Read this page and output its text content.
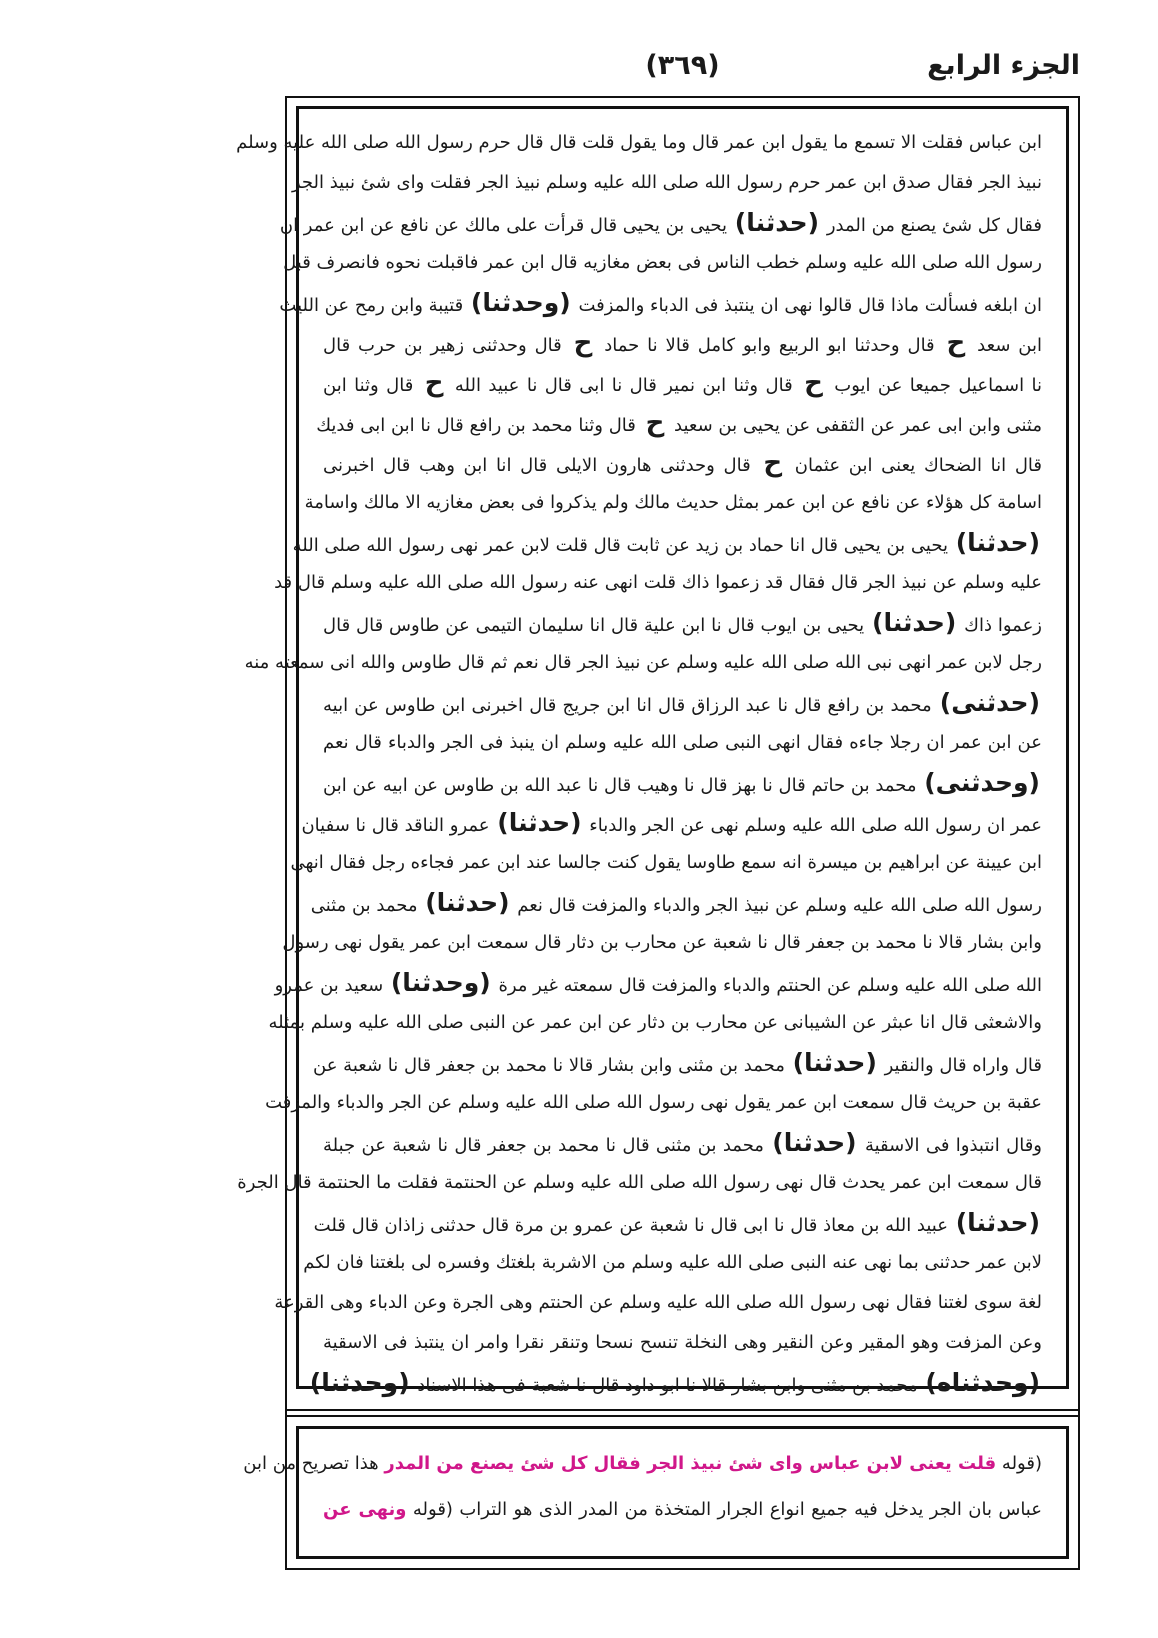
الجزء الرابع
(٣٦٩)
ابن عباس فقلت الا تسمع ما يقول ابن عمر قال وما يقول قلت قال قال حرم رسول الله صلى الله عليه وسلم
نبيذ الجر فقال صدق ابن عمر حرم رسول الله صلى الله عليه وسلم نبيذ الجر فقلت واى شئ نبيذ الجر
فقال كل شئ يصنع من المدر (حدثنا) يحيى بن يحيى قال قرأت على مالك عن نافع عن ابن عمر ان
رسول الله صلى الله عليه وسلم خطب الناس فى بعض مغازيه قال ابن عمر فاقبلت نحوه فانصرف قبل
ان ابلغه فسألت ماذا قال قالوا نهى ان ينتبذ فى الدباء والمزفت (وحدثنا) قتيبة وابن رمح عن الليث
ابن سعد ح قال وحدثنا ابو الربيع وابو كامل قالا نا حماد ح قال وحدثنى زهير بن حرب قال
نا اسماعيل جميعا عن ايوب ح قال وثنا ابن نمير قال نا ابى قال نا عبيد الله ح قال وثنا ابن
مثنى وابن ابى عمر عن الثقفى عن يحيى بن سعيد ح قال وثنا محمد بن رافع قال نا ابن ابى فديك
قال انا الضحاك يعنى ابن عثمان ح قال وحدثنى هارون الايلى قال انا ابن وهب قال اخبرنى
اسامة كل هؤلاء عن نافع عن ابن عمر بمثل حديث مالك ولم يذكروا فى بعض مغازيه الا مالك واسامة
(حدثنا) يحيى بن يحيى قال انا حماد بن زيد عن ثابت قال قلت لابن عمر نهى رسول الله صلى الله
عليه وسلم عن نبيذ الجر قال فقال قد زعموا ذاك قلت انهى عنه رسول الله صلى الله عليه وسلم قال قد
زعموا ذاك (حدثنا) يحيى بن ايوب قال نا ابن علية قال انا سليمان التيمى عن طاوس قال قال
رجل لابن عمر انهى نبى الله صلى الله عليه وسلم عن نبيذ الجر قال نعم ثم قال طاوس والله انى سمعته منه
(حدثنى) محمد بن رافع قال نا عبد الرزاق قال انا ابن جريج قال اخبرنى ابن طاوس عن ابيه
عن ابن عمر ان رجلا جاءه فقال انهى النبى صلى الله عليه وسلم ان ينبذ فى الجر والدباء قال نعم
(وحدثنى) محمد بن حاتم قال نا بهز قال نا وهيب قال نا عبد الله بن طاوس عن ابيه عن ابن
عمر ان رسول الله صلى الله عليه وسلم نهى عن الجر والدباء (حدثنا) عمرو الناقد قال نا سفيان
ابن عيينة عن ابراهيم بن ميسرة انه سمع طاوسا يقول كنت جالسا عند ابن عمر فجاءه رجل فقال انهى
رسول الله صلى الله عليه وسلم عن نبيذ الجر والدباء والمزفت قال نعم (حدثنا) محمد بن مثنى
وابن بشار قالا نا محمد بن جعفر قال نا شعبة عن محارب بن دثار قال سمعت ابن عمر يقول نهى رسول
الله صلى الله عليه وسلم عن الحنتم والدباء والمزفت قال سمعته غير مرة (وحدثنا) سعيد بن عمرو
والاشعثى قال انا عبثر عن الشيبانى عن محارب بن دثار عن ابن عمر عن النبى صلى الله عليه وسلم بمثله
قال واراه قال والنقير (حدثنا) محمد بن مثنى وابن بشار قالا نا محمد بن جعفر قال نا شعبة عن
عقبة بن حريث قال سمعت ابن عمر يقول نهى رسول الله صلى الله عليه وسلم عن الجر والدباء والمزفت
وقال انتبذوا فى الاسقية (حدثنا) محمد بن مثنى قال نا محمد بن جعفر قال نا شعبة عن جبلة
قال سمعت ابن عمر يحدث قال نهى رسول الله صلى الله عليه وسلم عن الحنتمة فقلت ما الحنتمة قال الجرة
(حدثنا) عبيد الله بن معاذ قال نا ابى قال نا شعبة عن عمرو بن مرة قال حدثنى زاذان قال قلت
لابن عمر حدثنى بما نهى عنه النبى صلى الله عليه وسلم من الاشربة بلغتك وفسره لى بلغتنا فان لكم
لغة سوى لغتنا فقال نهى رسول الله صلى الله عليه وسلم عن الحنتم وهى الجرة وعن الدباء وهى القرعة
وعن المزفت وهو المقير وعن النقير وهى النخلة تنسح نسحا وتنقر نقرا وامر ان ينتبذ فى الاسقية
(وحدثناه) محمد بن مثنى وابن بشار قالا نا ابو داود قال نا شعبة فى هذا الاسناد (وحدثنا)
(قوله قلت يعنى لابن عباس واى شئ نبيذ الجر فقال كل شئ يصنع من المدر هذا تصريح من ابن
عباس بان الجر يدخل فيه جميع انواع الجرار المتخذة من المدر الذى هو التراب (قوله ونهى عن
